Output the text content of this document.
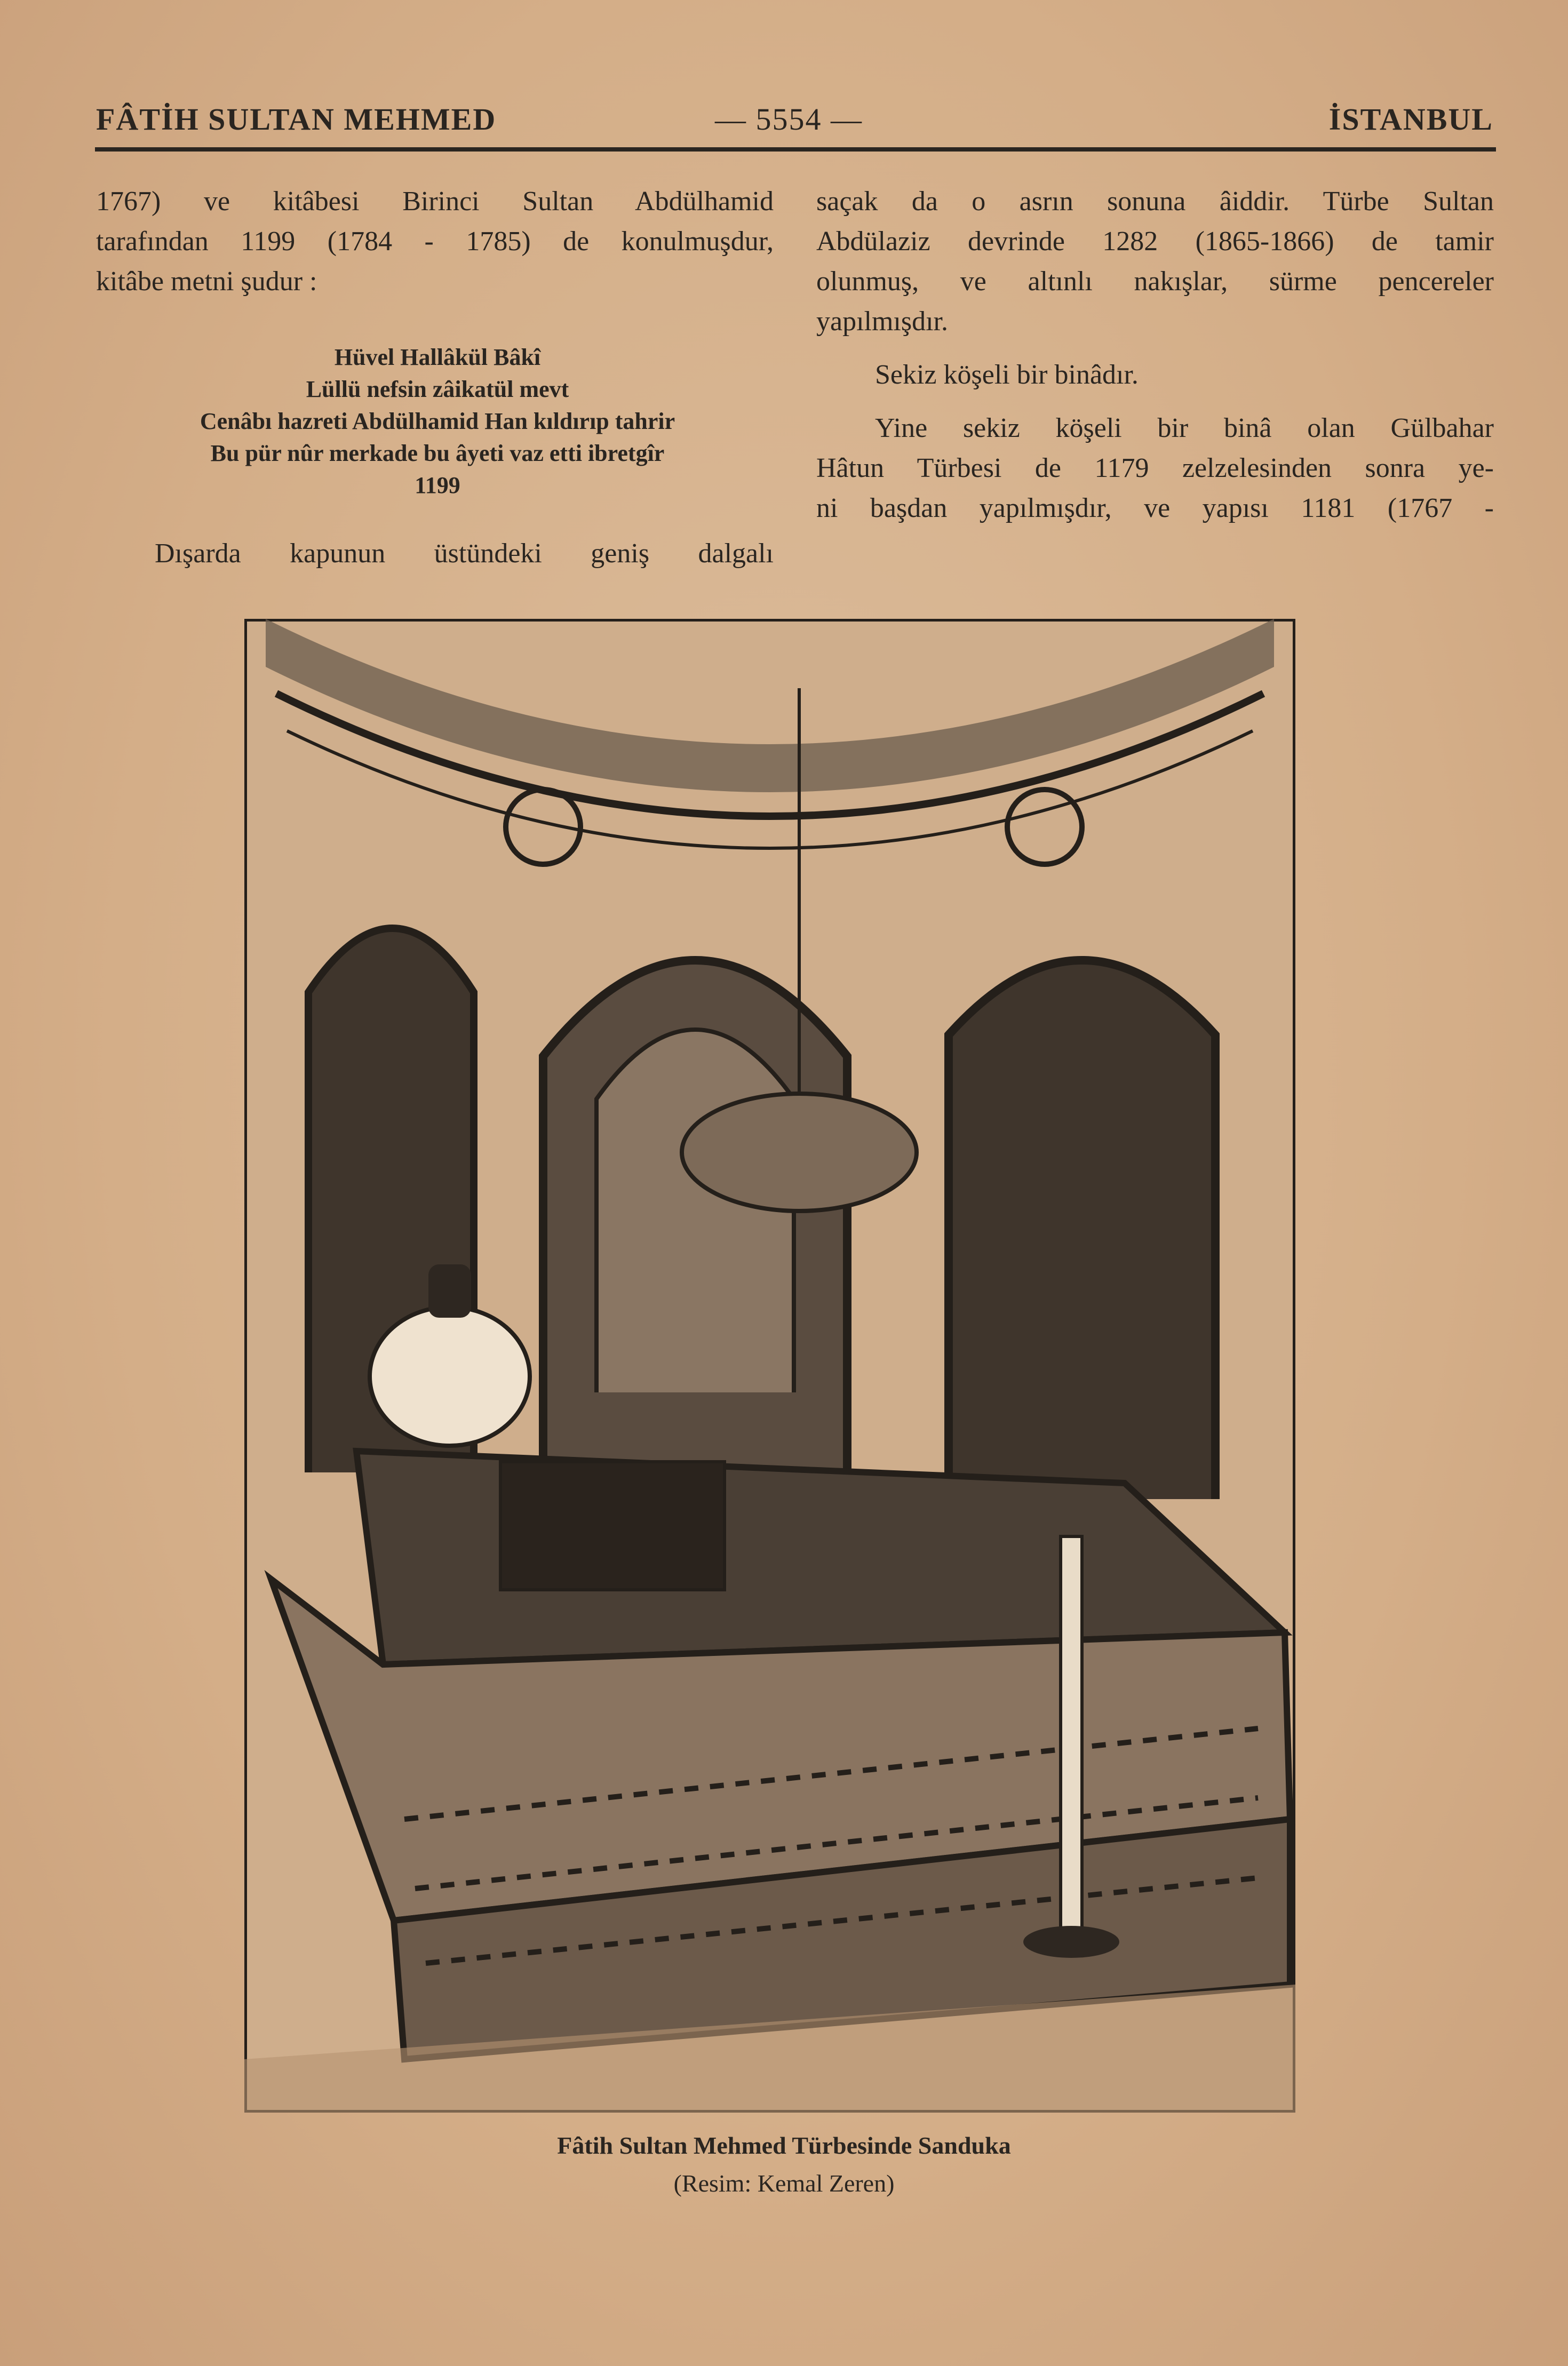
FÂTİH SULTAN MEHMED	— 5554 —	İSTANBUL

1767) ve kitâbesi Birinci Sultan Abdülhamid

tarafından 1199 (1784 - 1785) de konulmuşdur,

kitâbe metni şudur :

Hüvel Hallâkül Bâkî
Lüllü nefsin zâikatül mevt
Cenâbı hazreti Abdülhamid Han kıldırıp tahrir
Bu pür nûr merkade bu âyeti vaz etti ibretgîr
1199

Dışarda kapunun üstündeki geniş dalgalı

saçak da o asrın sonuna âiddir. Türbe Sultan

Abdülaziz devrinde 1282 (1865-1866) de tamir

olunmuş, ve altınlı nakışlar, sürme pencereler

yapılmışdır.

Sekiz köşeli bir binâdır.

Yine sekiz köşeli bir binâ olan Gülbahar

Hâtun Türbesi de 1179 zelzelesinden sonra ye-

ni başdan yapılmışdır, ve yapısı 1181 (1767 -

Fâtih Sultan Mehmed Türbesinde Sanduka
(Resim: Kemal Zeren)
